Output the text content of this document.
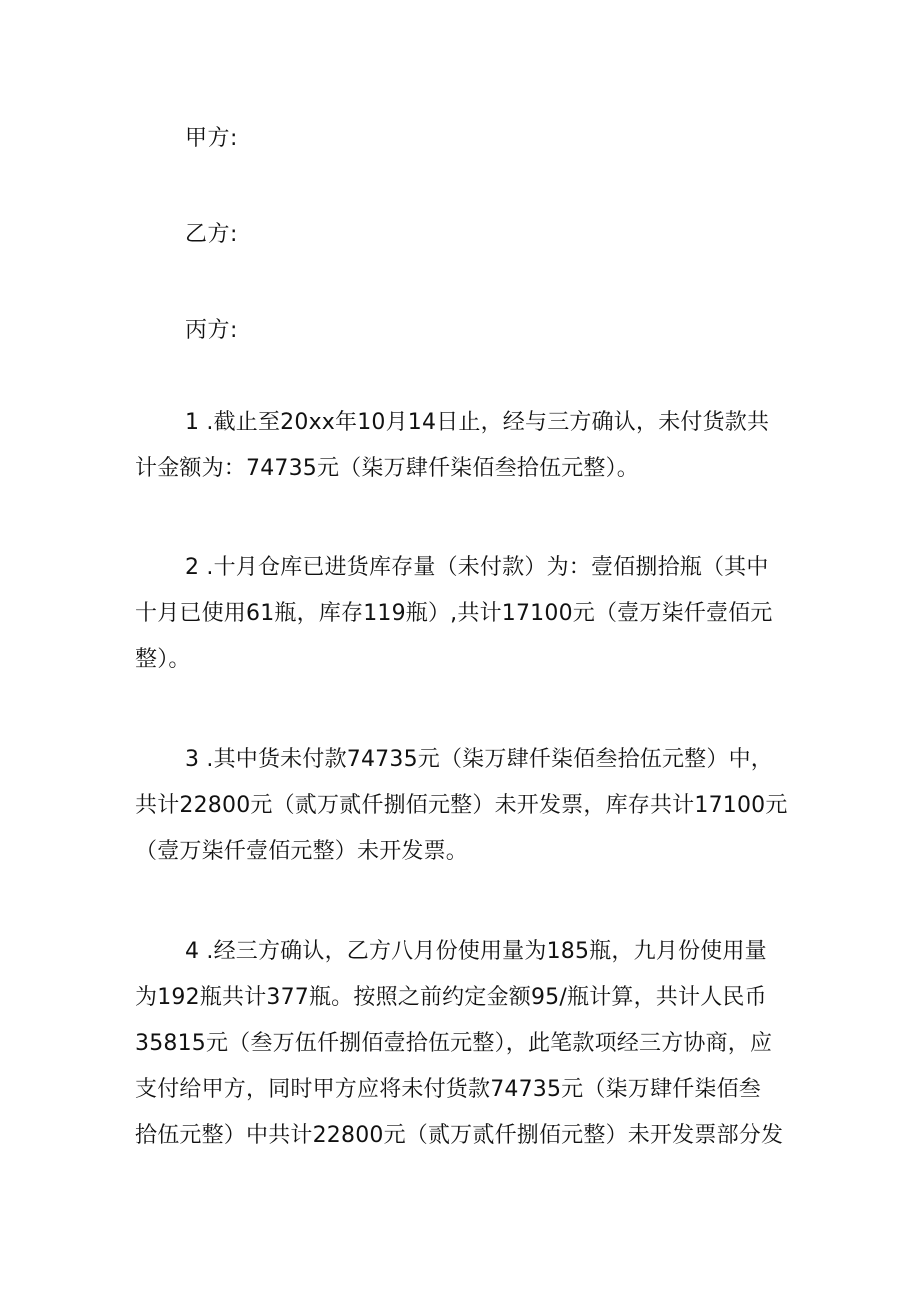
甲方:
乙方:
丙方:
1 .截止至20xx年10月14日止，经与三方确认，未付货款共
计金额为：74735元（柒万肆仟柒佰叁拾伍元整）。
2 .十月仓库已进货库存量（未付款）为：壹佰捌拾瓶（其中
十月已使用61瓶，库存119瓶）,共计17100元（壹万柒仟壹佰元
整）。
3 .其中货未付款74735元（柒万肆仟柒佰叁拾伍元整）中，
共计22800元（贰万贰仟捌佰元整）未开发票，库存共计17100元
（壹万柒仟壹佰元整）未开发票。
4 .经三方确认，乙方八月份使用量为185瓶，九月份使用量
为192瓶共计377瓶。按照之前约定金额95/瓶计算，共计人民币
35815元（叁万伍仟捌佰壹拾伍元整），此笔款项经三方协商，应
支付给甲方，同时甲方应将未付货款74735元（柒万肆仟柒佰叁
拾伍元整）中共计22800元（贰万贰仟捌佰元整）未开发票部分发
